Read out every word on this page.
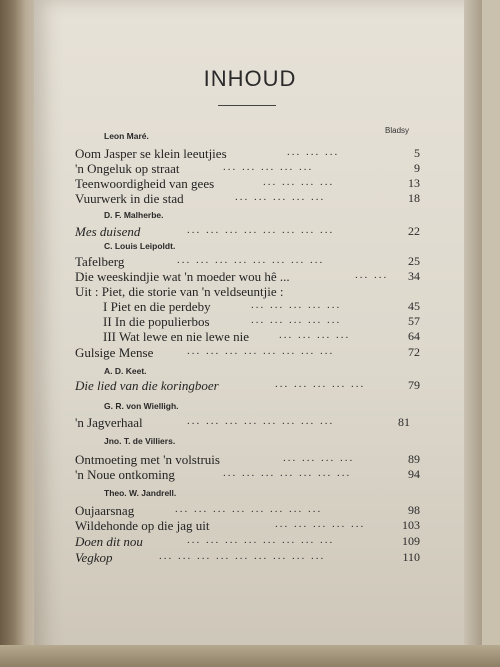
INHOUD
Bladsy
Leon Maré.
Oom Jasper se klein leeutjies	... ... ...	5
'n Ongeluk op straat	... ... ... ... ...	9
Teenwoordigheid van gees	... ... ... ...	13
Vuurwerk in die stad	... ... ... ... ...	18
D. F. Malherbe.
Mes duisend	... ... ... ... ... ... ... ...	22
C. Louis Leipoldt.
Tafelberg	... ... ... ... ... ... ... ...	25
Die weeskindjie wat 'n moeder wou hê ...	... ...	34
Uit : Piet, die storie van 'n veldseuntjie :
I Piet en die perdeby	... ... ... ... ...	45
II In die populierbos	... ... ... ... ...	57
III Wat lewe en nie lewe nie	... ... ... ...	64
Gulsige Mense	... ... ... ... ... ... ... ...	72
A. D. Keet.
Die lied van die koringboer	... ... ... ... ...	79
G. R. von Wielligh.
'n Jagverhaal	... ... ... ... ... ... ... ...	81
Jno. T. de Villiers.
Ontmoeting met 'n volstruis	... ... ... ...	89
'n Noue ontkoming	... ... ... ... ... ... ...	94
Theo. W. Jandrell.
Oujaarsnag	... ... ... ... ... ... ... ...	98
Wildehonde op die jag uit	... ... ... ... ...	103
Doen dit nou	... ... ... ... ... ... ... ...	109
Vegkop	... ... ... ... ... ... ... ... ...	110
